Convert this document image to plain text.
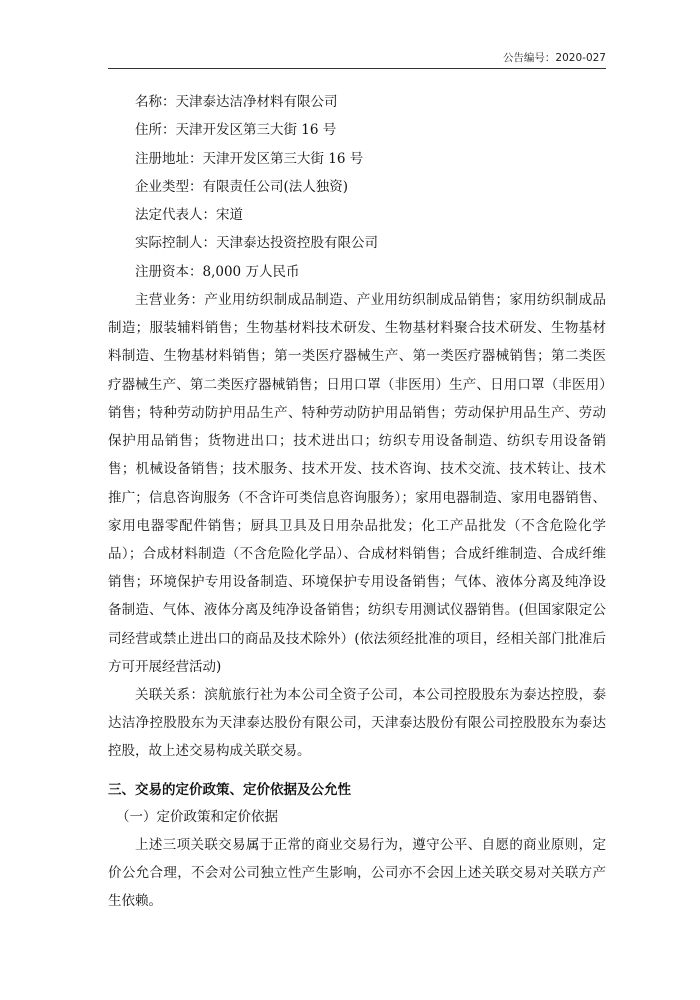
公告编号：2020-027

名称：天津泰达洁净材料有限公司

住所：天津开发区第三大街 16 号

注册地址：天津开发区第三大街 16 号

企业类型：有限责任公司(法人独资)

法定代表人：宋道

实际控制人：天津泰达投资控股有限公司

注册资本：8,000 万人民币

主营业务：产业用纺织制成品制造、产业用纺织制成品销售；家用纺织制成品制造；服装辅料销售；生物基材料技术研发、生物基材料聚合技术研发、生物基材料制造、生物基材料销售；第一类医疗器械生产、第一类医疗器械销售；第二类医疗器械生产、第二类医疗器械销售；日用口罩（非医用）生产、日用口罩（非医用）销售；特种劳动防护用品生产、特种劳动防护用品销售；劳动保护用品生产、劳动保护用品销售；货物进出口；技术进出口；纺织专用设备制造、纺织专用设备销售；机械设备销售；技术服务、技术开发、技术咨询、技术交流、技术转让、技术推广；信息咨询服务（不含许可类信息咨询服务）；家用电器制造、家用电器销售、家用电器零配件销售；厨具卫具及日用杂品批发；化工产品批发（不含危险化学品）；合成材料制造（不含危险化学品）、合成材料销售；合成纤维制造、合成纤维销售；环境保护专用设备制造、环境保护专用设备销售；气体、液体分离及纯净设备制造、气体、液体分离及纯净设备销售；纺织专用测试仪器销售。(但国家限定公司经营或禁止进出口的商品及技术除外）(依法须经批准的项目，经相关部门批准后方可开展经营活动)

关联关系：滨航旅行社为本公司全资子公司，本公司控股股东为泰达控股，泰达洁净控股股东为天津泰达股份有限公司，天津泰达股份有限公司控股股东为泰达控股，故上述交易构成关联交易。

三、交易的定价政策、定价依据及公允性

（一）定价政策和定价依据

上述三项关联交易属于正常的商业交易行为，遵守公平、自愿的商业原则，定价公允合理，不会对公司独立性产生影响，公司亦不会因上述关联交易对关联方产生依赖。
